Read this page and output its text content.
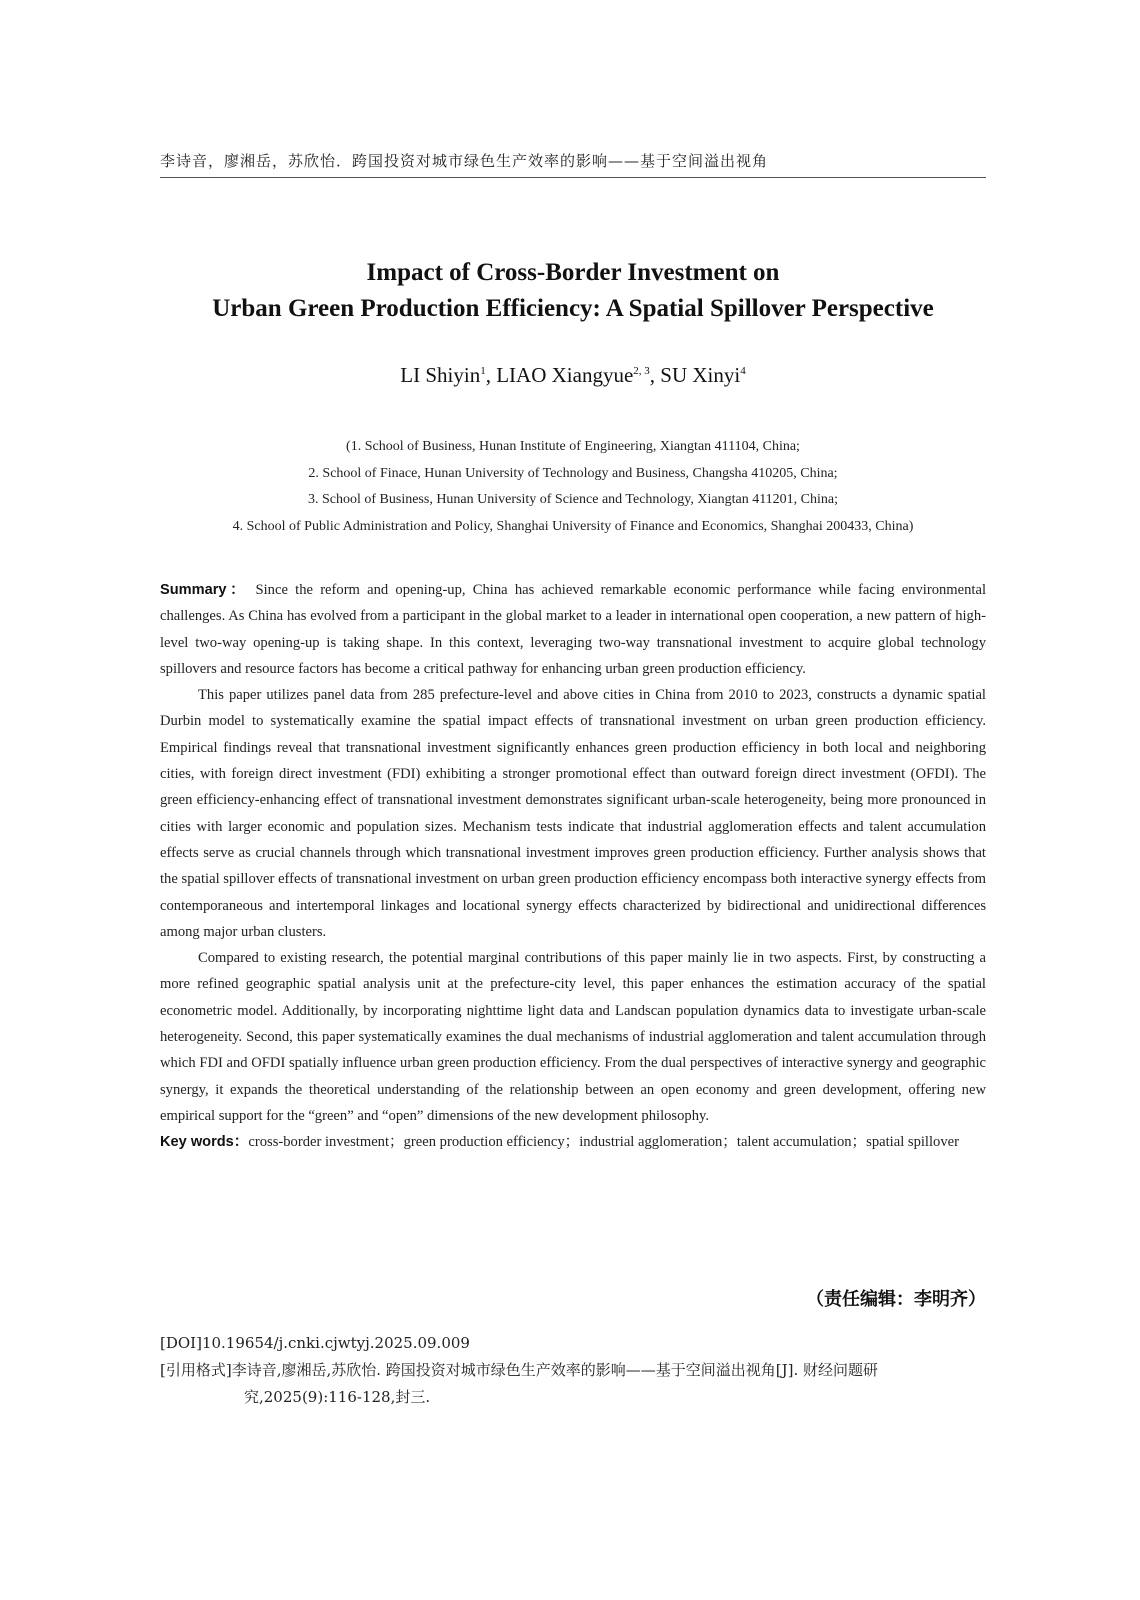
李诗音，廖湘岳，苏欣怡．跨国投资对城市绿色生产效率的影响——基于空间溢出视角
Impact of Cross-Border Investment on
Urban Green Production Efficiency: A Spatial Spillover Perspective
LI Shiyin$^1$, LIAO Xiangyue$^{2, 3}$, SU Xinyi$^4$
(1. School of Business, Hunan Institute of Engineering, Xiangtan 411104, China;
2. School of Finace, Hunan University of Technology and Business, Changsha 410205, China;
3. School of Business, Hunan University of Science and Technology, Xiangtan 411201, China;
4. School of Public Administration and Policy, Shanghai University of Finance and Economics, Shanghai 200433, China)

Summary： Since the reform and opening-up, China has achieved remarkable economic performance while facing environmental challenges. As China has evolved from a participant in the global market to a leader in international open cooperation, a new pattern of high-level two-way opening-up is taking shape. In this context, leveraging two-way transnational investment to acquire global technology spillovers and resource factors has become a critical pathway for enhancing urban green production efficiency.

This paper utilizes panel data from 285 prefecture-level and above cities in China from 2010 to 2023, constructs a dynamic spatial Durbin model to systematically examine the spatial impact effects of transnational investment on urban green production efficiency. Empirical findings reveal that transnational investment significantly enhances green production efficiency in both local and neighboring cities, with foreign direct investment (FDI) exhibiting a stronger promotional effect than outward foreign direct investment (OFDI). The green efficiency-enhancing effect of transnational investment demonstrates significant urban-scale heterogeneity, being more pronounced in cities with larger economic and population sizes. Mechanism tests indicate that industrial agglomeration effects and talent accumulation effects serve as crucial channels through which transnational investment improves green production efficiency. Further analysis shows that the spatial spillover effects of transnational investment on urban green production efficiency encompass both interactive synergy effects from contemporaneous and intertemporal linkages and locational synergy effects characterized by bidirectional and unidirectional differences among major urban clusters.

Compared to existing research, the potential marginal contributions of this paper mainly lie in two aspects. First, by constructing a more refined geographic spatial analysis unit at the prefecture-city level, this paper enhances the estimation accuracy of the spatial econometric model. Additionally, by incorporating nighttime light data and Landscan population dynamics data to investigate urban-scale heterogeneity. Second, this paper systematically examines the dual mechanisms of industrial agglomeration and talent accumulation through which FDI and OFDI spatially influence urban green production efficiency. From the dual perspectives of interactive synergy and geographic synergy, it expands the theoretical understanding of the relationship between an open economy and green development, offering new empirical support for the “green” and “open” dimensions of the new development philosophy.

Key words：cross-border investment；green production efficiency；industrial agglomeration；talent accumulation；spatial spillover

（责任编辑：李明齐）
[DOI]10.19654/j.cnki.cjwtyj.2025.09.009
[引用格式]李诗音,廖湘岳,苏欣怡. 跨国投资对城市绿色生产效率的影响——基于空间溢出视角[J]. 财经问题研
究,2025(9):116-128,封三.
